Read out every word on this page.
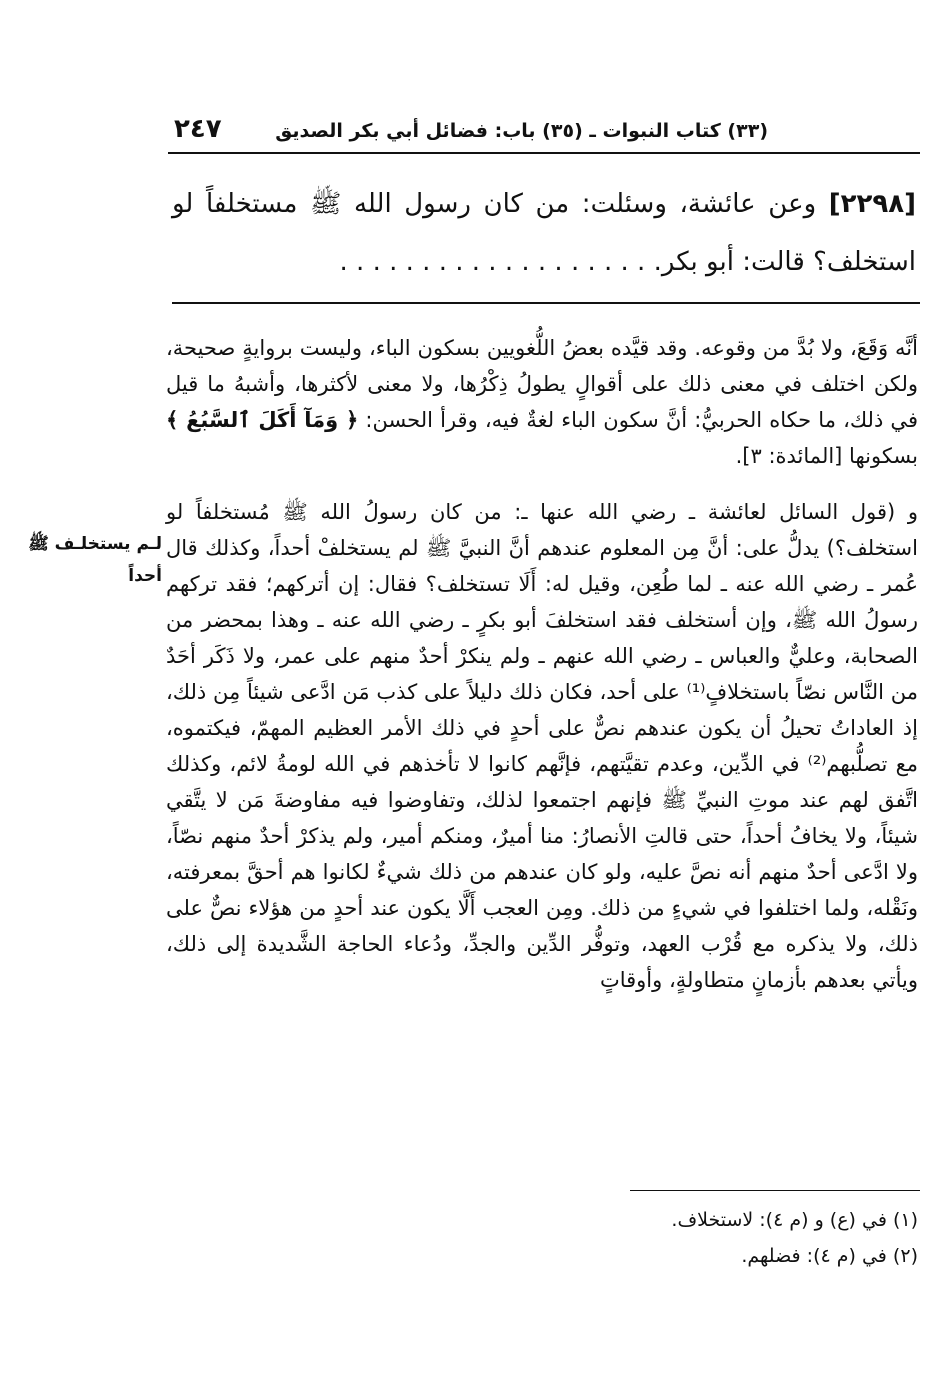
٢٤٧	(٣٣) كتاب النبوات ـ (٣٥) باب: فضائل أبي بكر الصديق
[٢٢٩٨] وعن عائشة، وسئلت: من كان رسول الله ﷺ مستخلفاً لو استخلف؟ قالت: أبو بكر. . . . . . . . . . . . . . . . . . . .

أنَّه وَقَعَ، ولا بُدَّ من وقوعه. وقد قيَّده بعضُ اللُّغويين بسكون الباء، وليست بروايةٍ صحيحة، ولكن اختلف في معنى ذلك على أقوالٍ يطولُ ذِكْرُها، ولا معنى لأكثرها، وأشبهُ ما قيل في ذلك، ما حكاه الحربيُّ: أنَّ سكون الباء لغةٌ فيه، وقرأ الحسن: ﴿ وَمَآ أَكَلَ ٱلسَّبُعُ ﴾ بسكونها [المائدة: ٣].

و (قول السائل لعائشة ـ رضي الله عنها ـ: من كان رسولُ الله ﷺ مُستخلفاً لو استخلف؟) يدلُّ على: أنَّ مِن المعلوم عندهم أنَّ النبيَّ ﷺ لم يستخلفْ أحداً، وكذلك قال عُمر ـ رضي الله عنه ـ لما طُعِن، وقيل له: أَلَا تستخلف؟ فقال: إن أتركهم؛ فقد تركهم رسولُ الله ﷺ، وإن أستخلف فقد استخلفَ أبو بكرٍ ـ رضي الله عنه ـ وهذا بمحضر من الصحابة، وعليٌّ والعباس ـ رضي الله عنهم ـ ولم ينكرْ أحدٌ منهم على عمر، ولا ذَكَر أحَدٌ من النَّاس نصّاً باستخلافٍ⁽¹⁾ على أحد، فكان ذلك دليلاً على كذب مَن ادَّعى شيئاً مِن ذلك، إذ العاداتُ تحيلُ أن يكون عندهم نصٌّ على أحدٍ في ذلك الأمر العظيم المهمّ، فيكتموه، مع تصلُّبهم⁽²⁾ في الدِّين، وعدم تقيَّتهم، فإنَّهم كانوا لا تأخذهم في الله لومةُ لائم، وكذلك اتَّفق لهم عند موتِ النبيِّ ﷺ فإنهم اجتمعوا لذلك، وتفاوضوا فيه مفاوضةَ مَن لا يتَّقي شيئاً، ولا يخافُ أحداً، حتى قالتِ الأنصارُ: منا أميرٌ، ومنكم أمير، ولم يذكرْ أحدٌ منهم نصّاً، ولا ادَّعى أحدٌ منهم أنه نصَّ عليه، ولو كان عندهم من ذلك شيءٌ لكانوا هم أحقَّ بمعرفته، ونَقْله، ولما اختلفوا في شيءٍ من ذلك. ومِن العجب أَلَّا يكون عند أحدٍ من هؤلاء نصٌّ على ذلك، ولا يذكره مع قُرْب العهد، وتوفُّر الدِّين والجدِّ، ودُعاء الحاجة الشَّديدة إلى ذلك، ويأتي بعدهم بأزمانٍ متطاولةٍ، وأوقاتٍ

لـم يستخلـف ﷺ أحداً
(١) في (ع) و (م ٤): لاستخلاف.
(٢) في (م ٤): فضلهم.
